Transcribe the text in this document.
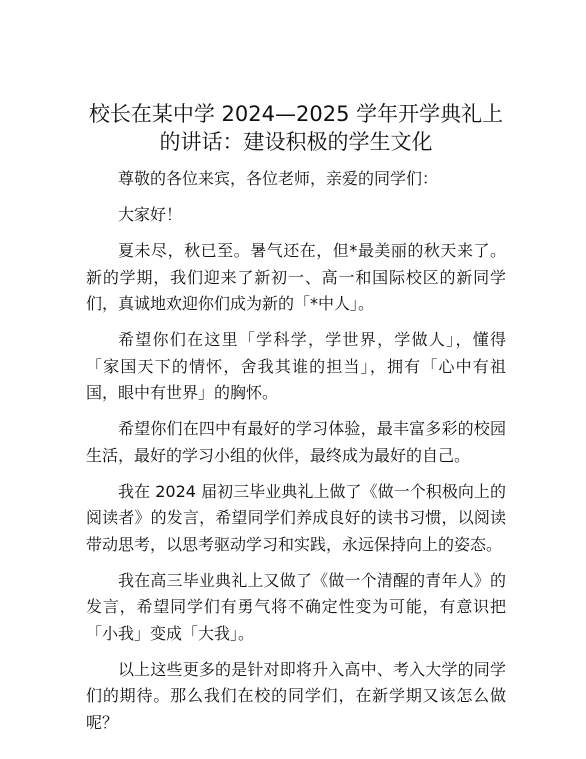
校长在某中学 2024—2025 学年开学典礼上的讲话：建设积极的学生文化

尊敬的各位来宾，各位老师，亲爱的同学们：

大家好！

夏未尽，秋已至。暑气还在，但*最美丽的秋天来了。新的学期，我们迎来了新初一、高一和国际校区的新同学们，真诚地欢迎你们成为新的「*中人」。

希望你们在这里「学科学，学世界，学做人」，懂得「家国天下的情怀，舍我其谁的担当」，拥有「心中有祖国，眼中有世界」的胸怀。

希望你们在四中有最好的学习体验，最丰富多彩的校园生活，最好的学习小组的伙伴，最终成为最好的自己。

我在 2024 届初三毕业典礼上做了《做一个积极向上的阅读者》的发言，希望同学们养成良好的读书习惯，以阅读带动思考，以思考驱动学习和实践，永远保持向上的姿态。

我在高三毕业典礼上又做了《做一个清醒的青年人》的发言，希望同学们有勇气将不确定性变为可能，有意识把「小我」变成「大我」。

以上这些更多的是针对即将升入高中、考入大学的同学们的期待。那么我们在校的同学们，在新学期又该怎么做呢？
